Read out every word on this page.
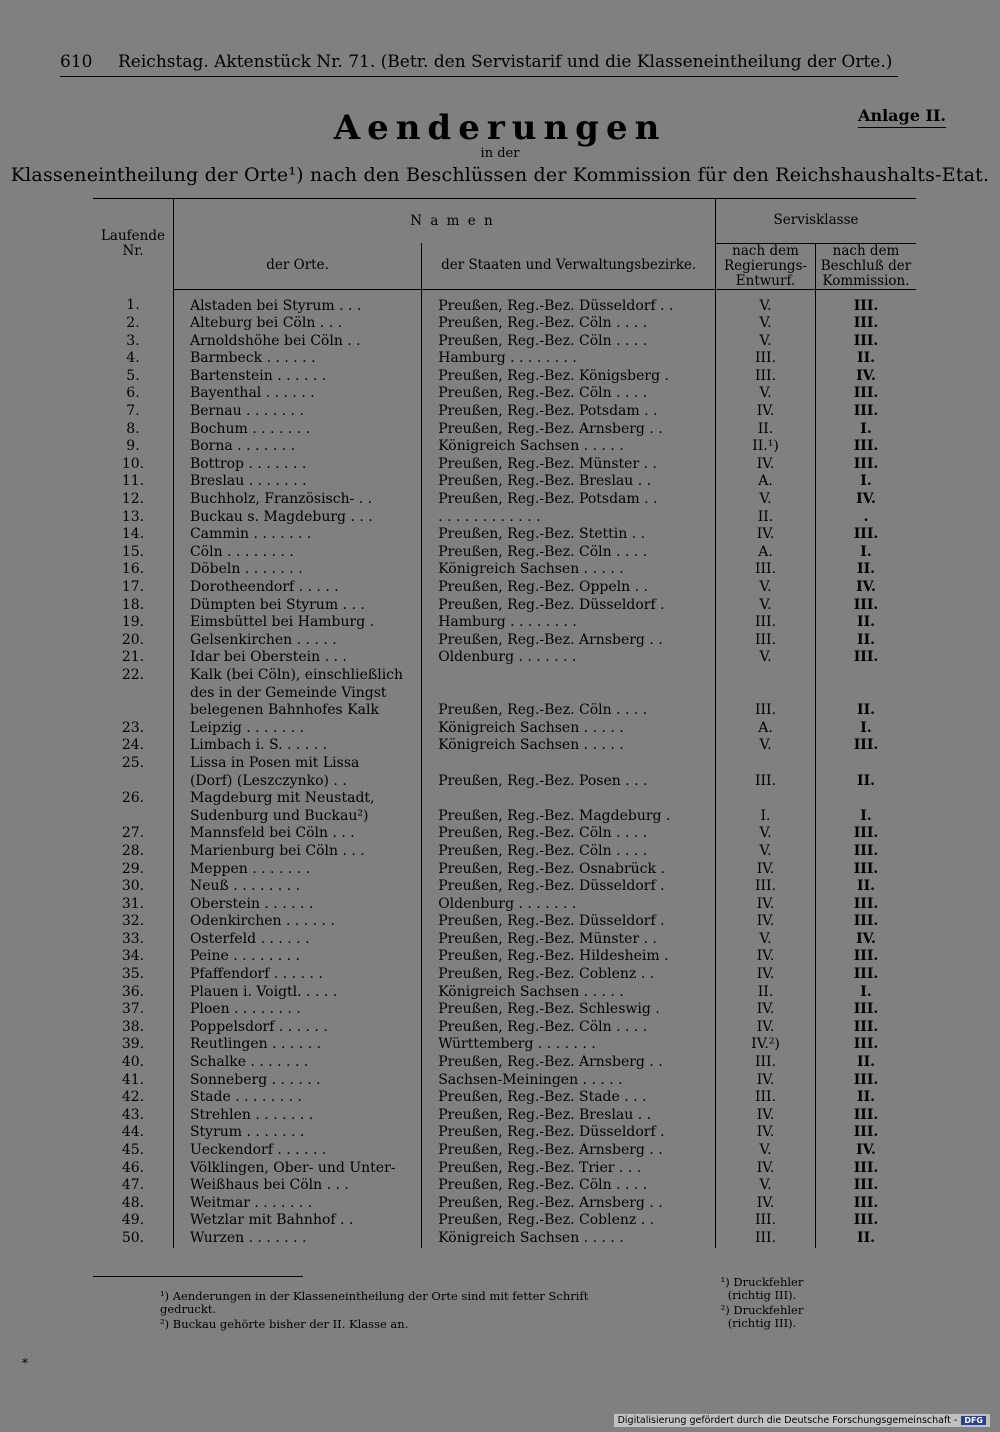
Reichstag. Aktenstück Nr. 71. (Betr. den Servistarif und die Klasseneintheilung der Orte.)
610
Anlage II.
Aenderungen
in der
Klasseneintheilung der Orte¹) nach den Beschlüssen der Kommission für den Reichshaushalts-Etat.
Laufende Nr.	N a m e n		Servisklasse	
	der Orte.	der Staaten und Verwaltungsbezirke.	nach dem Regierungs-Entwurf.	nach dem Beschluß der Kommission.
1.	Alstaden bei Styrum . . .	Preußen, Reg.-Bez. Düsseldorf . .	V.	III.
2.	Alteburg bei Cöln . . .	Preußen, Reg.-Bez. Cöln . . . .	V.	III.
3.	Arnoldshöhe bei Cöln . .	Preußen, Reg.-Bez. Cöln . . . .	V.	III.
4.	Barmbeck . . . . . .	Hamburg . . . . . . . .	III.	II.
5.	Bartenstein . . . . . .	Preußen, Reg.-Bez. Königsberg .	III.	IV.
6.	Bayenthal . . . . . .	Preußen, Reg.-Bez. Cöln . . . .	V.	III.
7.	Bernau . . . . . . .	Preußen, Reg.-Bez. Potsdam . .	IV.	III.
8.	Bochum . . . . . . .	Preußen, Reg.-Bez. Arnsberg . .	II.	I.
9.	Borna . . . . . . .	Königreich Sachsen . . . . .	II.¹)	III.
10.	Bottrop . . . . . . .	Preußen, Reg.-Bez. Münster . .	IV.	III.
11.	Breslau . . . . . . .	Preußen, Reg.-Bez. Breslau . .	A.	I.
12.	Buchholz, Französisch- . .	Preußen, Reg.-Bez. Potsdam . .	V.	IV.
13.	Buckau s. Magdeburg . . .	. . . . . . . . . . . .	II.	.
14.	Cammin . . . . . . .	Preußen, Reg.-Bez. Stettin . .	IV.	III.
15.	Cöln . . . . . . . .	Preußen, Reg.-Bez. Cöln . . . .	A.	I.
16.	Döbeln . . . . . . .	Königreich Sachsen . . . . .	III.	II.
17.	Dorotheendorf . . . . .	Preußen, Reg.-Bez. Oppeln . .	V.	IV.
18.	Dümpten bei Styrum . . .	Preußen, Reg.-Bez. Düsseldorf .	V.	III.
19.	Eimsbüttel bei Hamburg .	Hamburg . . . . . . . .	III.	II.
20.	Gelsenkirchen . . . . .	Preußen, Reg.-Bez. Arnsberg . .	III.	II.
21.	Idar bei Oberstein . . .	Oldenburg . . . . . . .	V.	III.
22.	Kalk (bei Cöln), einschließlich			
	des in der Gemeinde Vingst			
	belegenen Bahnhofes Kalk	Preußen, Reg.-Bez. Cöln . . . .	III.	II.
23.	Leipzig . . . . . . .	Königreich Sachsen . . . . .	A.	I.
24.	Limbach i. S. . . . . .	Königreich Sachsen . . . . .	V.	III.
25.	Lissa in Posen mit Lissa			
	(Dorf) (Leszczynko) . .	Preußen, Reg.-Bez. Posen . . .	III.	II.
26.	Magdeburg mit Neustadt,			
	Sudenburg und Buckau²)	Preußen, Reg.-Bez. Magdeburg .	I.	I.
27.	Mannsfeld bei Cöln . . .	Preußen, Reg.-Bez. Cöln . . . .	V.	III.
28.	Marienburg bei Cöln . . .	Preußen, Reg.-Bez. Cöln . . . .	V.	III.
29.	Meppen . . . . . . .	Preußen, Reg.-Bez. Osnabrück .	IV.	III.
30.	Neuß . . . . . . . .	Preußen, Reg.-Bez. Düsseldorf .	III.	II.
31.	Oberstein . . . . . .	Oldenburg . . . . . . .	IV.	III.
32.	Odenkirchen . . . . . .	Preußen, Reg.-Bez. Düsseldorf .	IV.	III.
33.	Osterfeld . . . . . .	Preußen, Reg.-Bez. Münster . .	V.	IV.
34.	Peine . . . . . . . .	Preußen, Reg.-Bez. Hildesheim .	IV.	III.
35.	Pfaffendorf . . . . . .	Preußen, Reg.-Bez. Coblenz . .	IV.	III.
36.	Plauen i. Voigtl. . . . .	Königreich Sachsen . . . . .	II.	I.
37.	Ploen . . . . . . . .	Preußen, Reg.-Bez. Schleswig .	IV.	III.
38.	Poppelsdorf . . . . . .	Preußen, Reg.-Bez. Cöln . . . .	IV.	III.
39.	Reutlingen . . . . . .	Württemberg . . . . . . .	IV.²)	III.
40.	Schalke . . . . . . .	Preußen, Reg.-Bez. Arnsberg . .	III.	II.
41.	Sonneberg . . . . . .	Sachsen-Meiningen . . . . .	IV.	III.
42.	Stade . . . . . . . .	Preußen, Reg.-Bez. Stade . . .	III.	II.
43.	Strehlen . . . . . . .	Preußen, Reg.-Bez. Breslau . .	IV.	III.
44.	Styrum . . . . . . .	Preußen, Reg.-Bez. Düsseldorf .	IV.	III.
45.	Ueckendorf . . . . . .	Preußen, Reg.-Bez. Arnsberg . .	V.	IV.
46.	Völklingen, Ober- und Unter-	Preußen, Reg.-Bez. Trier . . .	IV.	III.
47.	Weißhaus bei Cöln . . .	Preußen, Reg.-Bez. Cöln . . . .	V.	III.
48.	Weitmar . . . . . . .	Preußen, Reg.-Bez. Arnsberg . .	IV.	III.
49.	Wetzlar mit Bahnhof . .	Preußen, Reg.-Bez. Coblenz . .	III.	III.
50.	Wurzen . . . . . . .	Königreich Sachsen . . . . .	III.	II.
¹) Aenderungen in der Klasseneintheilung der Orte sind mit fetter Schrift gedruckt.
²) Buckau gehörte bisher der II. Klasse an.
¹) Druckfehler (richtig III).
²) Druckfehler (richtig III).
*
Digitalisierung gefördert durch die Deutsche Forschungsgemeinschaft - DFG
